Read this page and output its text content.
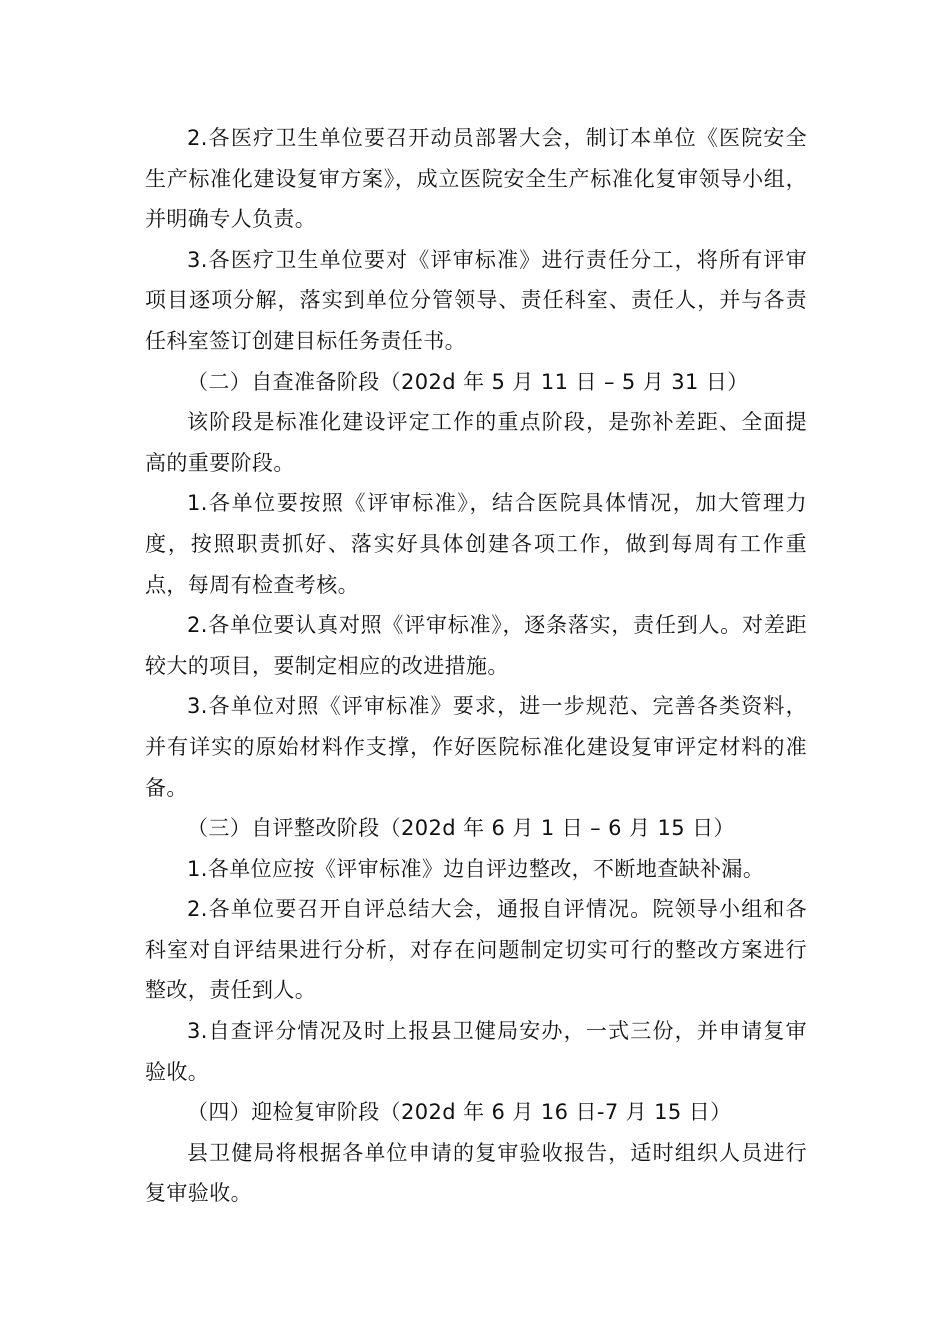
2.各医疗卫生单位要召开动员部署大会，制订本单位《医院安全生产标准化建设复审方案》，成立医院安全生产标准化复审领导小组，并明确专人负责。

3.各医疗卫生单位要对《评审标准》进行责任分工，将所有评审项目逐项分解，落实到单位分管领导、责任科室、责任人，并与各责任科室签订创建目标任务责任书。

（二）自查准备阶段（202d 年 5 月 11 日 – 5 月 31 日）

该阶段是标准化建设评定工作的重点阶段，是弥补差距、全面提高的重要阶段。

1.各单位要按照《评审标准》，结合医院具体情况，加大管理力度，按照职责抓好、落实好具体创建各项工作，做到每周有工作重点，每周有检查考核。

2.各单位要认真对照《评审标准》，逐条落实，责任到人。对差距较大的项目，要制定相应的改进措施。

3.各单位对照《评审标准》要求，进一步规范、完善各类资料，并有详实的原始材料作支撑，作好医院标准化建设复审评定材料的准备。

（三）自评整改阶段（202d 年 6 月 1 日 – 6 月 15 日）

1.各单位应按《评审标准》边自评边整改，不断地查缺补漏。

2.各单位要召开自评总结大会，通报自评情况。院领导小组和各科室对自评结果进行分析，对存在问题制定切实可行的整改方案进行整改，责任到人。

3.自查评分情况及时上报县卫健局安办，一式三份，并申请复审验收。

（四）迎检复审阶段（202d 年 6 月 16 日-7 月 15 日）

县卫健局将根据各单位申请的复审验收报告，适时组织人员进行复审验收。
